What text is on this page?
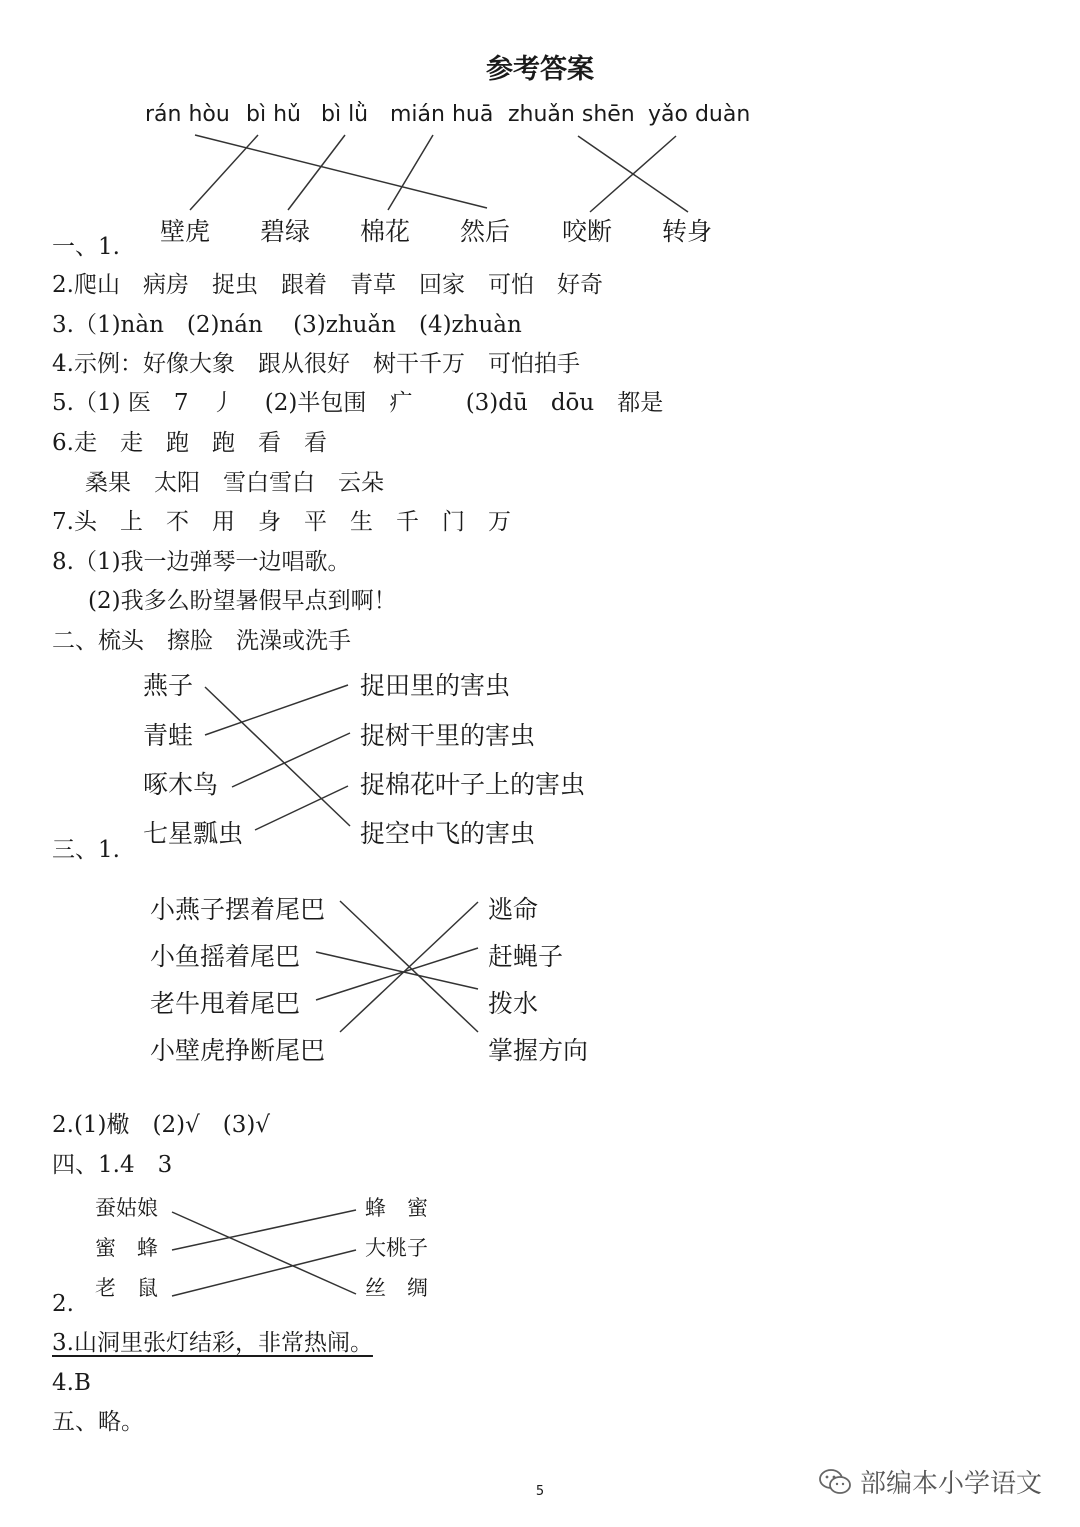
参考答案
rán hòu bì hǔ bì lǜ mián huā zhuǎn shēn yǎo duàn
壁虎 碧绿 棉花 然后 咬断 转身
一、1.
2.爬山　病房　捉虫　跟着　青草　回家　可怕　好奇
3.（1)nàn　(2)nán　 (3)zhuǎn　(4)zhuàn
4.示例：好像大象　跟从很好　树干千万　可怕拍手
5.（1) 医　7　丿　 (2)半包围　疒　　 (3)dū　dōu　都是
6.走　走　跑　跑　看　看
桑果　太阳　雪白雪白　云朵
7.头　上　不　用　身　平　生　千　门　万
8.（1)我一边弹琴一边唱歌。
(2)我多么盼望暑假早点到啊！
二、梳头　擦脸　洗澡或洗手
燕子
青蛙
啄木鸟
七星瓢虫
捉田里的害虫
捉树干里的害虫
捉棉花叶子上的害虫
捉空中飞的害虫
三、1.
小燕子摆着尾巴
小鱼摇着尾巴
老牛甩着尾巴
小壁虎挣断尾巴
逃命
赶蝇子
拨水
掌握方向
2.(1)㯳　(2)√　(3)√
四、1.4　3
蚕姑娘
蜜　蜂
老　鼠
蜂　蜜
大桃子
丝　绸
2.
3.山洞里张灯结彩，非常热闹。
4.B
五、略。
5	部编本小学语文
